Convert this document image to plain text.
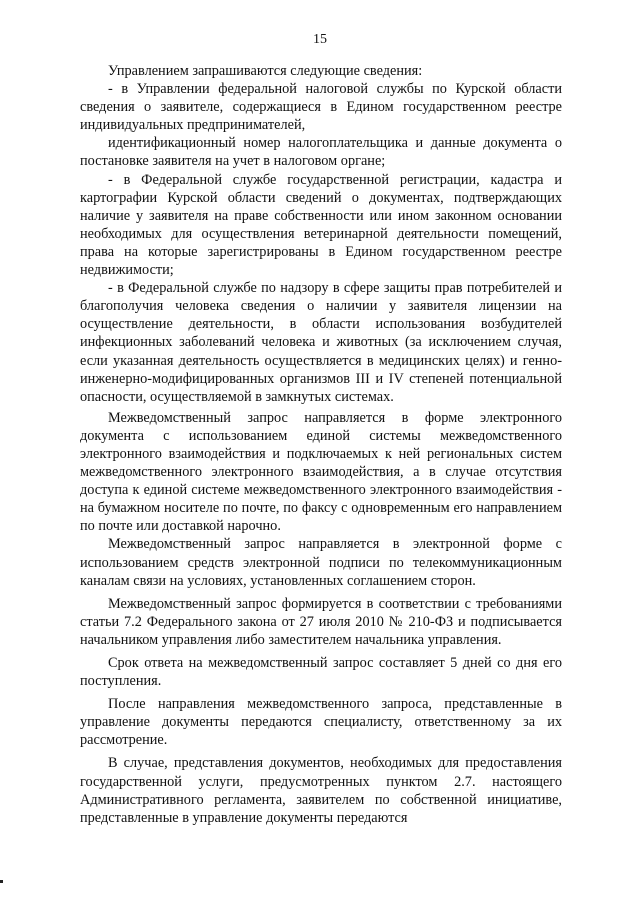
15

Управлением запрашиваются следующие сведения:

- в Управлении федеральной налоговой службы по Курской области сведения о заявителе, содержащиеся в Едином государственном реестре индивидуальных предпринимателей,

идентификационный номер налогоплательщика и данные документа о постановке заявителя на учет в налоговом органе;

- в Федеральной службе государственной регистрации, кадастра и картографии Курской области сведений о документах, подтверждающих наличие у заявителя на праве собственности или ином законном основании необходимых для осуществления ветеринарной деятельности помещений, права на которые зарегистрированы в Едином государственном реестре недвижимости;

- в Федеральной службе по надзору в сфере защиты прав потребителей и благополучия человека сведения о наличии у заявителя лицензии на осуществление деятельности, в области использования возбудителей инфекционных заболеваний человека и животных (за исключением случая, если указанная деятельность осуществляется в медицинских целях) и генно-инженерно-модифицированных организмов III и IV степеней потенциальной опасности, осуществляемой в замкнутых системах.

Межведомственный запрос направляется в форме электронного документа с использованием единой системы межведомственного электронного взаимодействия и подключаемых к ней региональных систем межведомственного электронного взаимодействия, а в случае отсутствия доступа к единой системе межведомственного электронного взаимодействия - на бумажном носителе по почте, по факсу с одновременным его направлением по почте или доставкой нарочно.

Межведомственный запрос направляется в электронной форме с использованием средств электронной подписи по телекоммуникационным каналам связи на условиях, установленных соглашением сторон.

Межведомственный запрос формируется в соответствии с требованиями статьи 7.2 Федерального закона от 27 июля 2010 № 210-ФЗ и подписывается начальником управления либо заместителем начальника управления.

Срок ответа на межведомственный запрос составляет 5 дней со дня его поступления.

После направления межведомственного запроса, представленные в управление документы передаются специалисту, ответственному за их рассмотрение.

В случае, представления документов, необходимых для предоставления государственной услуги, предусмотренных пунктом 2.7. настоящего Административного регламента, заявителем по собственной инициативе, представленные в управление документы передаются
